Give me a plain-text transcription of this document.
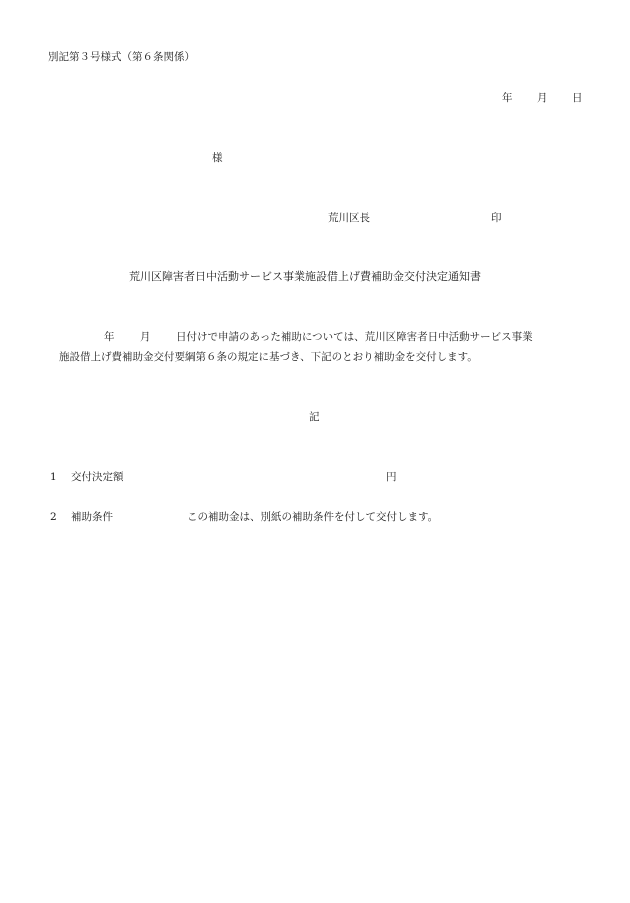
別記第３号様式（第６条関係）
年 月 日
様
荒川区長	印
荒川区障害者日中活動サービス事業施設借上げ費補助金交付決定通知書
年 月 日付けで申請のあった補助については、荒川区障害者日中活動サービス事業
施設借上げ費補助金交付要綱第６条の規定に基づき、下記のとおり補助金を交付します。
記
1 交付決定額	円
2 補助条件	この補助金は、別紙の補助条件を付して交付します。
